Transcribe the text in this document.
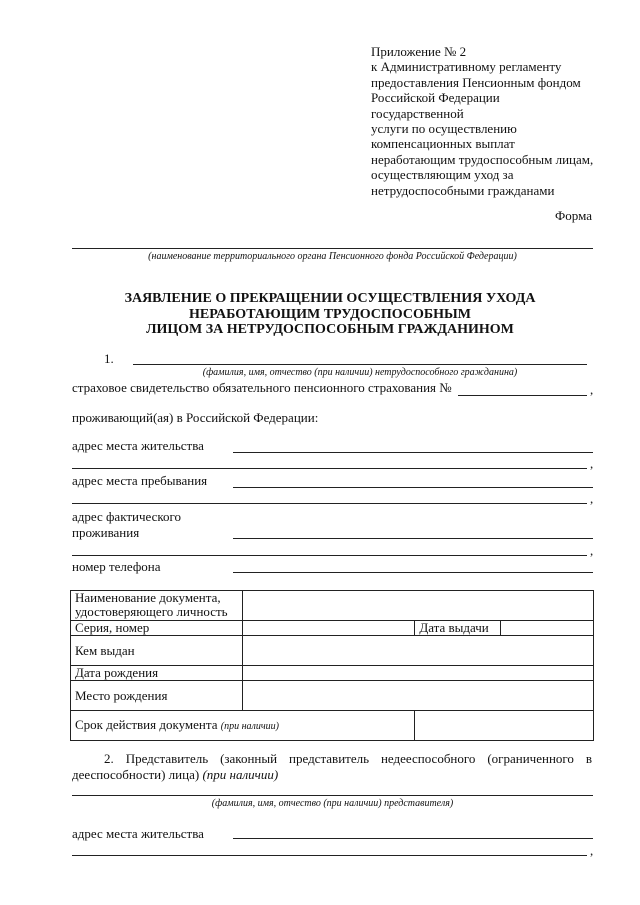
Приложение № 2
к Административному регламенту
предоставления Пенсионным фондом
Российской Федерации
государственной
услуги по осуществлению
компенсационных выплат
неработающим трудоспособным лицам,
осуществляющим уход за
нетрудоспособными гражданами
Форма
(наименование территориального органа Пенсионного фонда Российской Федерации)
ЗАЯВЛЕНИЕ О ПРЕКРАЩЕНИИ ОСУЩЕСТВЛЕНИЯ УХОДА
НЕРАБОТАЮЩИМ ТРУДОСПОСОБНЫМ
ЛИЦОМ ЗА НЕТРУДОСПОСОБНЫМ ГРАЖДАНИНОМ
1.
(фамилия, имя, отчество (при наличии) нетрудоспособного гражданина)
страховое свидетельство обязательного пенсионного страхования №	,
проживающий(ая) в Российской Федерации:
адрес места жительства
,
адрес места пребывания
,
адрес фактического
проживания
,
номер телефона
Наименование документа, удостоверяющего личность			
Серия, номер		Дата выдачи	
Кем выдан			
Дата рождения			
Место рождения			
Срок действия документа (при наличии)			
2. Представитель (законный представитель недееспособного (ограниченного в дееспособности) лица) (при наличии)
(фамилия, имя, отчество (при наличии) представителя)
адрес места жительства
,
